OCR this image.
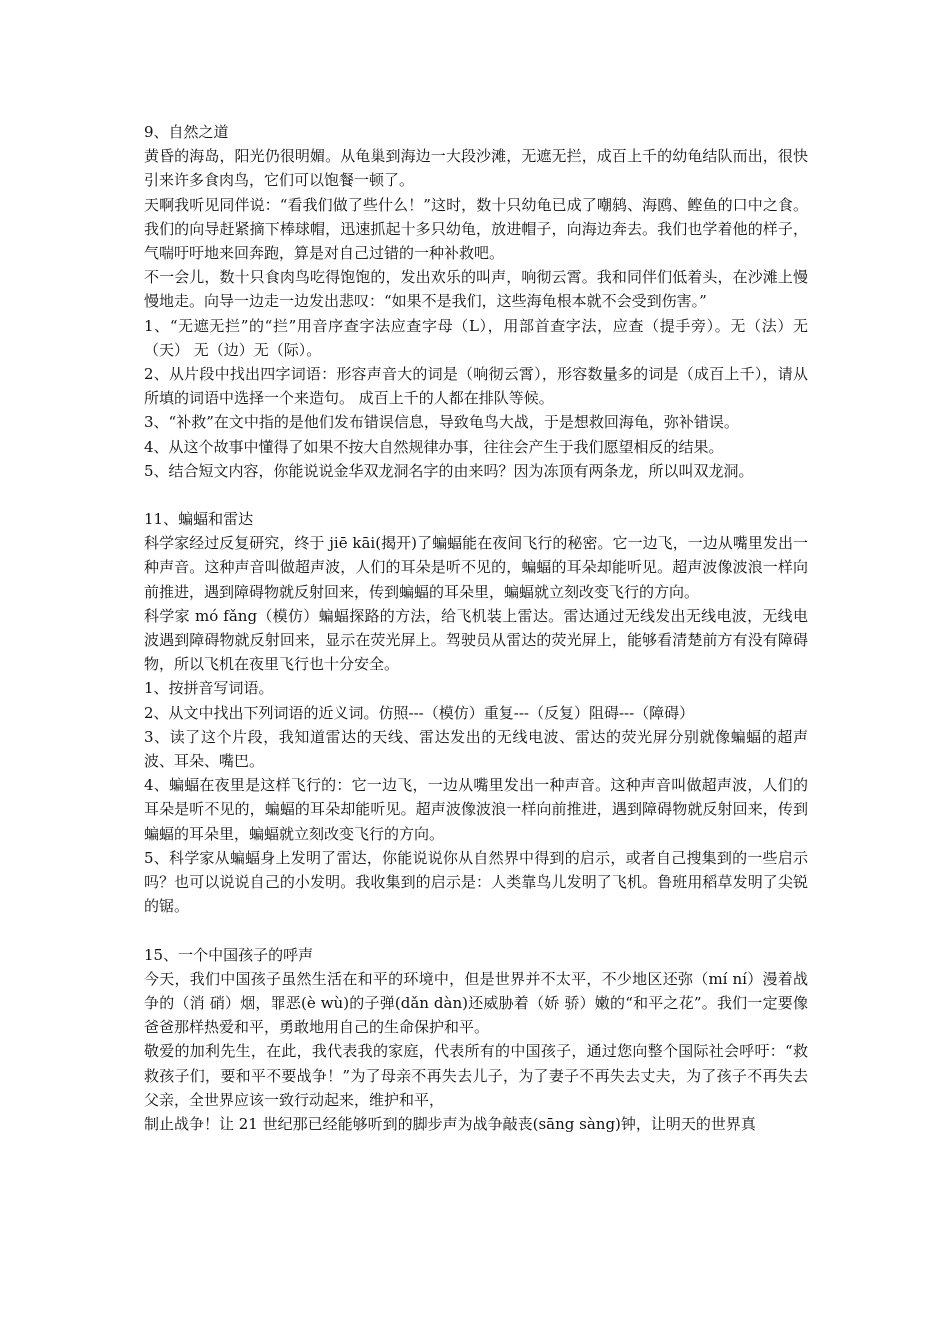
9、自然之道

黄昏的海岛，阳光仍很明媚。从龟巢到海边一大段沙滩，无遮无拦，成百上千的幼龟结队而出，很快引来许多食肉鸟，它们可以饱餐一顿了。

天啊我听见同伴说：“看我们做了些什么！”这时，数十只幼龟已成了嘲鸫、海鸥、鲣鱼的口中之食。我们的向导赶紧摘下棒球帽，迅速抓起十多只幼龟，放进帽子，向海边奔去。我们也学着他的样子，气喘吁吁地来回奔跑，算是对自己过错的一种补救吧。

不一会儿，数十只食肉鸟吃得饱饱的，发出欢乐的叫声，响彻云霄。我和同伴们低着头，在沙滩上慢慢地走。向导一边走一边发出悲叹：“如果不是我们，这些海龟根本就不会受到伤害。”

1、“无遮无拦”的“拦”用音序查字法应查字母（L），用部首查字法，应查（提手旁）。无（法）无（天） 无（边）无（际）。

2、从片段中找出四字词语：形容声音大的词是（响彻云霄），形容数量多的词是（成百上千），请从所填的词语中选择一个来造句。 成百上千的人都在排队等候。

3、“补救”在文中指的是他们发布错误信息，导致龟鸟大战，于是想救回海龟，弥补错误。

4、从这个故事中懂得了如果不按大自然规律办事，往往会产生于我们愿望相反的结果。

5、结合短文内容，你能说说金华双龙洞名字的由来吗？因为冻顶有两条龙，所以叫双龙洞。

11、蝙蝠和雷达

科学家经过反复研究，终于 jiē kāi(揭开)了蝙蝠能在夜间飞行的秘密。它一边飞，一边从嘴里发出一种声音。这种声音叫做超声波，人们的耳朵是听不见的，蝙蝠的耳朵却能听见。超声波像波浪一样向前推进，遇到障碍物就反射回来，传到蝙蝠的耳朵里，蝙蝠就立刻改变飞行的方向。

科学家 mó fǎng（模仿）蝙蝠探路的方法，给飞机装上雷达。雷达通过无线发出无线电波，无线电波遇到障碍物就反射回来，显示在荧光屏上。驾驶员从雷达的荧光屏上，能够看清楚前方有没有障碍物，所以飞机在夜里飞行也十分安全。

1、按拼音写词语。

2、从文中找出下列词语的近义词。仿照---（模仿）重复---（反复）阻碍---（障碍）

3、读了这个片段，我知道雷达的天线、雷达发出的无线电波、雷达的荧光屏分别就像蝙蝠的超声波、耳朵、嘴巴。

4、蝙蝠在夜里是这样飞行的：它一边飞，一边从嘴里发出一种声音。这种声音叫做超声波，人们的耳朵是听不见的，蝙蝠的耳朵却能听见。超声波像波浪一样向前推进，遇到障碍物就反射回来，传到蝙蝠的耳朵里，蝙蝠就立刻改变飞行的方向。

5、科学家从蝙蝠身上发明了雷达，你能说说你从自然界中得到的启示，或者自己搜集到的一些启示吗？也可以说说自己的小发明。我收集到的启示是：人类靠鸟儿发明了飞机。鲁班用稻草发明了尖锐的锯。

15、一个中国孩子的呼声

今天，我们中国孩子虽然生活在和平的环境中，但是世界并不太平，不少地区还弥（mí ní）漫着战争的（消 硝）烟，罪恶(è wù)的子弹(dǎn dàn)还威胁着（娇 骄）嫩的“和平之花”。我们一定要像爸爸那样热爱和平，勇敢地用自己的生命保护和平。

敬爱的加利先生，在此，我代表我的家庭，代表所有的中国孩子，通过您向整个国际社会呼吁：“救救孩子们，要和平不要战争！”为了母亲不再失去儿子，为了妻子不再失去丈夫，为了孩子不再失去父亲，全世界应该一致行动起来，维护和平，

制止战争！让 21 世纪那已经能够听到的脚步声为战争敲丧(sāng sàng)钟，让明天的世界真
